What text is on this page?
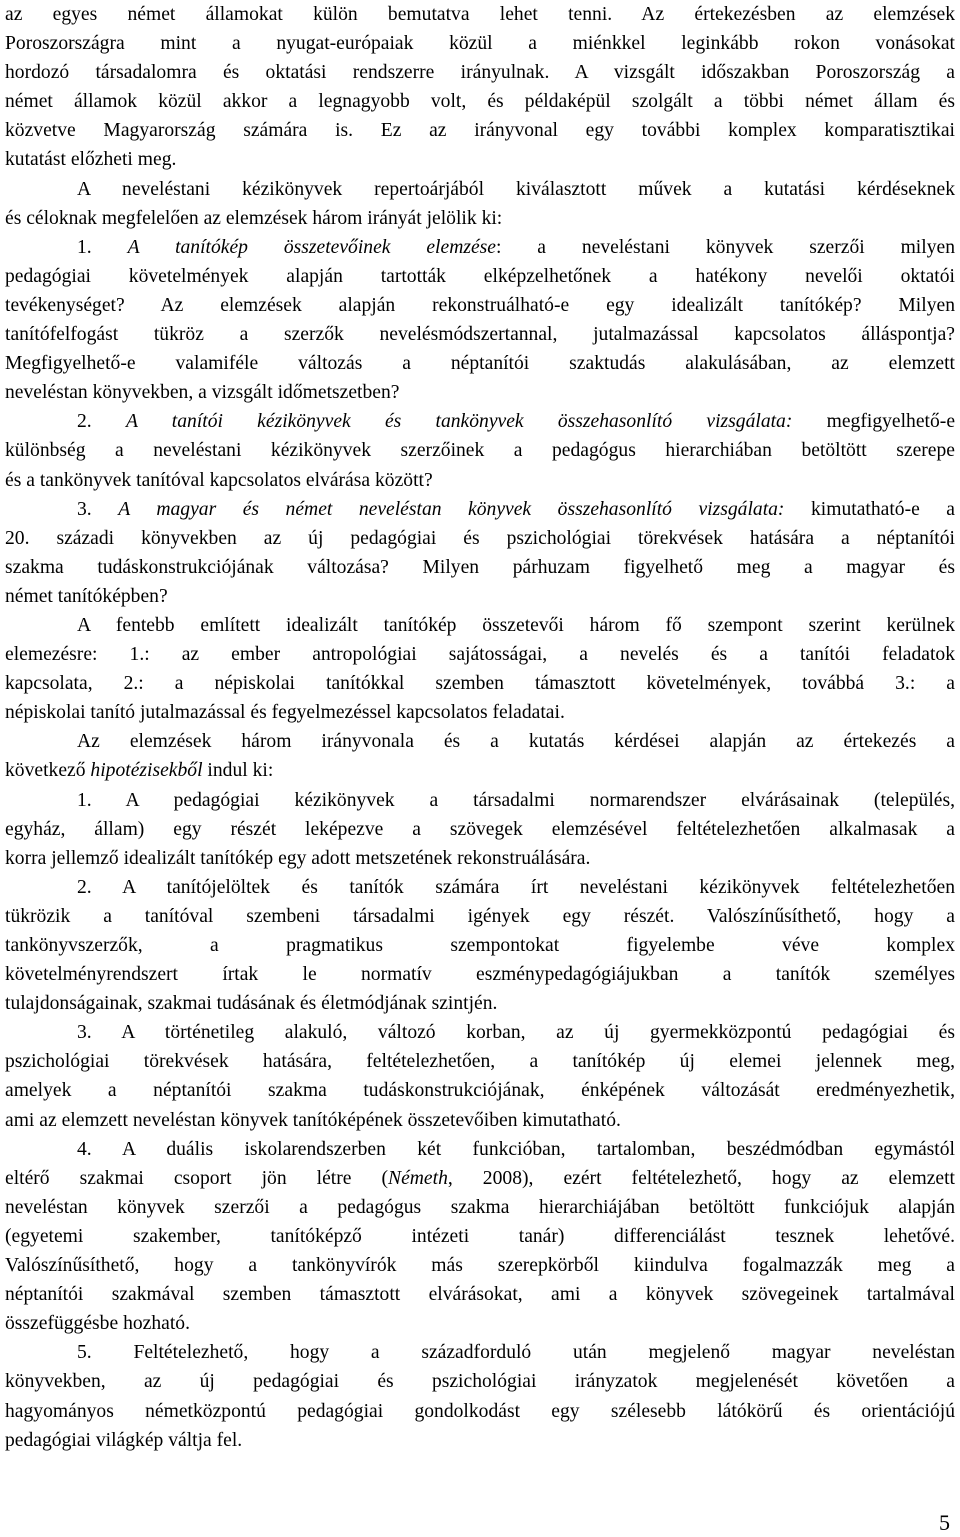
az egyes német államokat külön bemutatva lehet tenni. Az értekezésben az elemzések
Poroszországra mint a nyugat-európaiak közül a miénkkel leginkább rokon vonásokat
hordozó társadalomra és oktatási rendszerre irányulnak. A vizsgált időszakban Poroszország a
német államok közül akkor a legnagyobb volt, és példaképül szolgált a többi német állam és
közvetve Magyarország számára is. Ez az irányvonal egy további komplex komparatisztikai
kutatást előzheti meg.
A neveléstani kézikönyvek repertoárjából kiválasztott művek a kutatási kérdéseknek
és céloknak megfelelően az elemzések három irányát jelölik ki:
1. A tanítókép összetevőinek elemzése: a neveléstani könyvek szerzői milyen
pedagógiai követelmények alapján tartották elképzelhetőnek a hatékony nevelői oktatói
tevékenységet? Az elemzések alapján rekonstruálható-e egy idealizált tanítókép? Milyen
tanítófelfogást tükröz a szerzők nevelésmódszertannal, jutalmazással kapcsolatos álláspontja?
Megfigyelhető-e valamiféle változás a néptanítói szaktudás alakulásában, az elemzett
neveléstan könyvekben, a vizsgált időmetszetben?
2. A tanítói kézikönyvek és tankönyvek összehasonlító vizsgálata: megfigyelhető-e
különbség a neveléstani kézikönyvek szerzőinek a pedagógus hierarchiában betöltött szerepe
és a tankönyvek tanítóval kapcsolatos elvárása között?
3. A magyar és német neveléstan könyvek összehasonlító vizsgálata: kimutatható-e a
20. századi könyvekben az új pedagógiai és pszichológiai törekvések hatására a néptanítói
szakma tudáskonstrukciójának változása? Milyen párhuzam figyelhető meg a magyar és
német tanítóképben?
A fentebb említett idealizált tanítókép összetevői három fő szempont szerint kerülnek
elemezésre: 1.: az ember antropológiai sajátosságai, a nevelés és a tanítói feladatok
kapcsolata, 2.: a népiskolai tanítókkal szemben támasztott követelmények, továbbá 3.: a
népiskolai tanító jutalmazással és fegyelmezéssel kapcsolatos feladatai.
Az elemzések három irányvonala és a kutatás kérdései alapján az értekezés a
következő hipotézisekből indul ki:
1. A pedagógiai kézikönyvek a társadalmi normarendszer elvárásainak (település,
egyház, állam) egy részét leképezve a szövegek elemzésével feltételezhetően alkalmasak a
korra jellemző idealizált tanítókép egy adott metszetének rekonstruálására.
2. A tanítójelöltek és tanítók számára írt neveléstani kézikönyvek feltételezhetően
tükrözik a tanítóval szembeni társadalmi igények egy részét. Valószínűsíthető, hogy a
tankönyvszerzők, a pragmatikus szempontokat figyelembe véve komplex
követelményrendszert írtak le normatív eszménypedagógiájukban a tanítók személyes
tulajdonságainak, szakmai tudásának és életmódjának szintjén.
3. A történetileg alakuló, változó korban, az új gyermekközpontú pedagógiai és
pszichológiai törekvések hatására, feltételezhetően, a tanítókép új elemei jelennek meg,
amelyek a néptanítói szakma tudáskonstrukciójának, énképének változását eredményezhetik,
ami az elemzett neveléstan könyvek tanítóképének összetevőiben kimutatható.
4. A duális iskolarendszerben két funkcióban, tartalomban, beszédmódban egymástól
eltérő szakmai csoport jön létre (Németh, 2008), ezért feltételezhető, hogy az elemzett
neveléstan könyvek szerzői a pedagógus szakma hierarchiájában betöltött funkciójuk alapján
(egyetemi szakember, tanítóképző intézeti tanár) differenciálást tesznek lehetővé.
Valószínűsíthető, hogy a tankönyvírók más szerepkörből kiindulva fogalmazzák meg a
néptanítói szakmával szemben támasztott elvárásokat, ami a könyvek szövegeinek tartalmával
összefüggésbe hozható.
5. Feltételezhető, hogy a századforduló után megjelenő magyar neveléstan
könyvekben, az új pedagógiai és pszichológiai irányzatok megjelenését követően a
hagyományos németközpontú pedagógiai gondolkodást egy szélesebb látókörű és orientációjú
pedagógiai világkép váltja fel.
5
